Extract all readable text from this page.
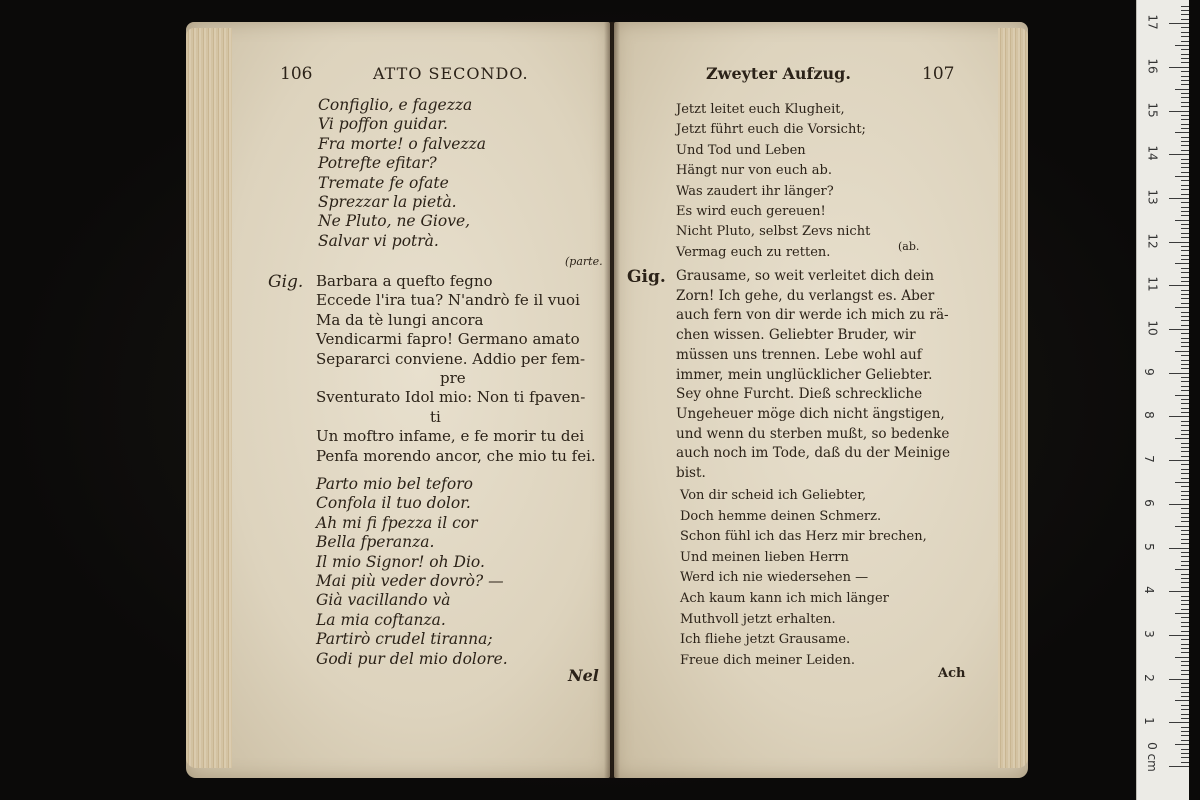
106	ATTO SECONDO.
Configlio, e fagezza
Vi poffon guidar.
Fra morte! o falvezza
Potrefte efitar?
Tremate fe ofate
Sprezzar la pietà.
Ne Pluto, ne Giove,
Salvar vi potrà.
(parte.
Gig. Barbara a quefto fegno
Eccede l'ira tua? N'andrò fe il vuoi
Ma da tè lungi ancora
Vendicarmi fapro! Germano amato
Separarci conviene. Addio per fem-
pre
Sventurato Idol mio: Non ti fpaven-
ti
Un moftro infame, e fe morir tu dei
Penfa morendo ancor, che mio tu fei.
Parto mio bel teforo
Confola il tuo dolor.
Ah mi fi fpezza il cor
Bella fperanza.
Il mio Signor! oh Dio.
Mai più veder dovrò? —
Già vacillando và
La mia coftanza.
Partirò crudel tiranna;
Godi pur del mio dolore.
Nel
Zweyter Aufzug.	107
Jetzt leitet euch Klugheit,
Jetzt führt euch die Vorsicht;
Und Tod und Leben
Hängt nur von euch ab.
Was zaudert ihr länger?
Es wird euch gereuen!
Nicht Pluto, selbst Zevs nicht
Vermag euch zu retten.	(ab.
Gig. Grausame, so weit verleitet dich dein
Zorn! Ich gehe, du verlangst es. Aber
auch fern von dir werde ich mich zu rä-
chen wissen. Geliebter Bruder, wir
müssen uns trennen. Lebe wohl auf
immer, mein unglücklicher Geliebter.
Sey ohne Furcht. Dieß schreckliche
Ungeheuer möge dich nicht ängstigen,
und wenn du sterben mußt, so bedenke
auch noch im Tode, daß du der Meinige
bist.
Von dir scheid ich Geliebter,
Doch hemme deinen Schmerz.
Schon fühl ich das Herz mir brechen,
Und meinen lieben Herrn
Werd ich nie wiedersehen —
Ach kaum kann ich mich länger
Muthvoll jetzt erhalten.
Ich fliehe jetzt Grausame.
Freue dich meiner Leiden.
Ach
0 cm
1
2
3
4
5
6
7
8
9
10
11
12
13
14
15
16
17
